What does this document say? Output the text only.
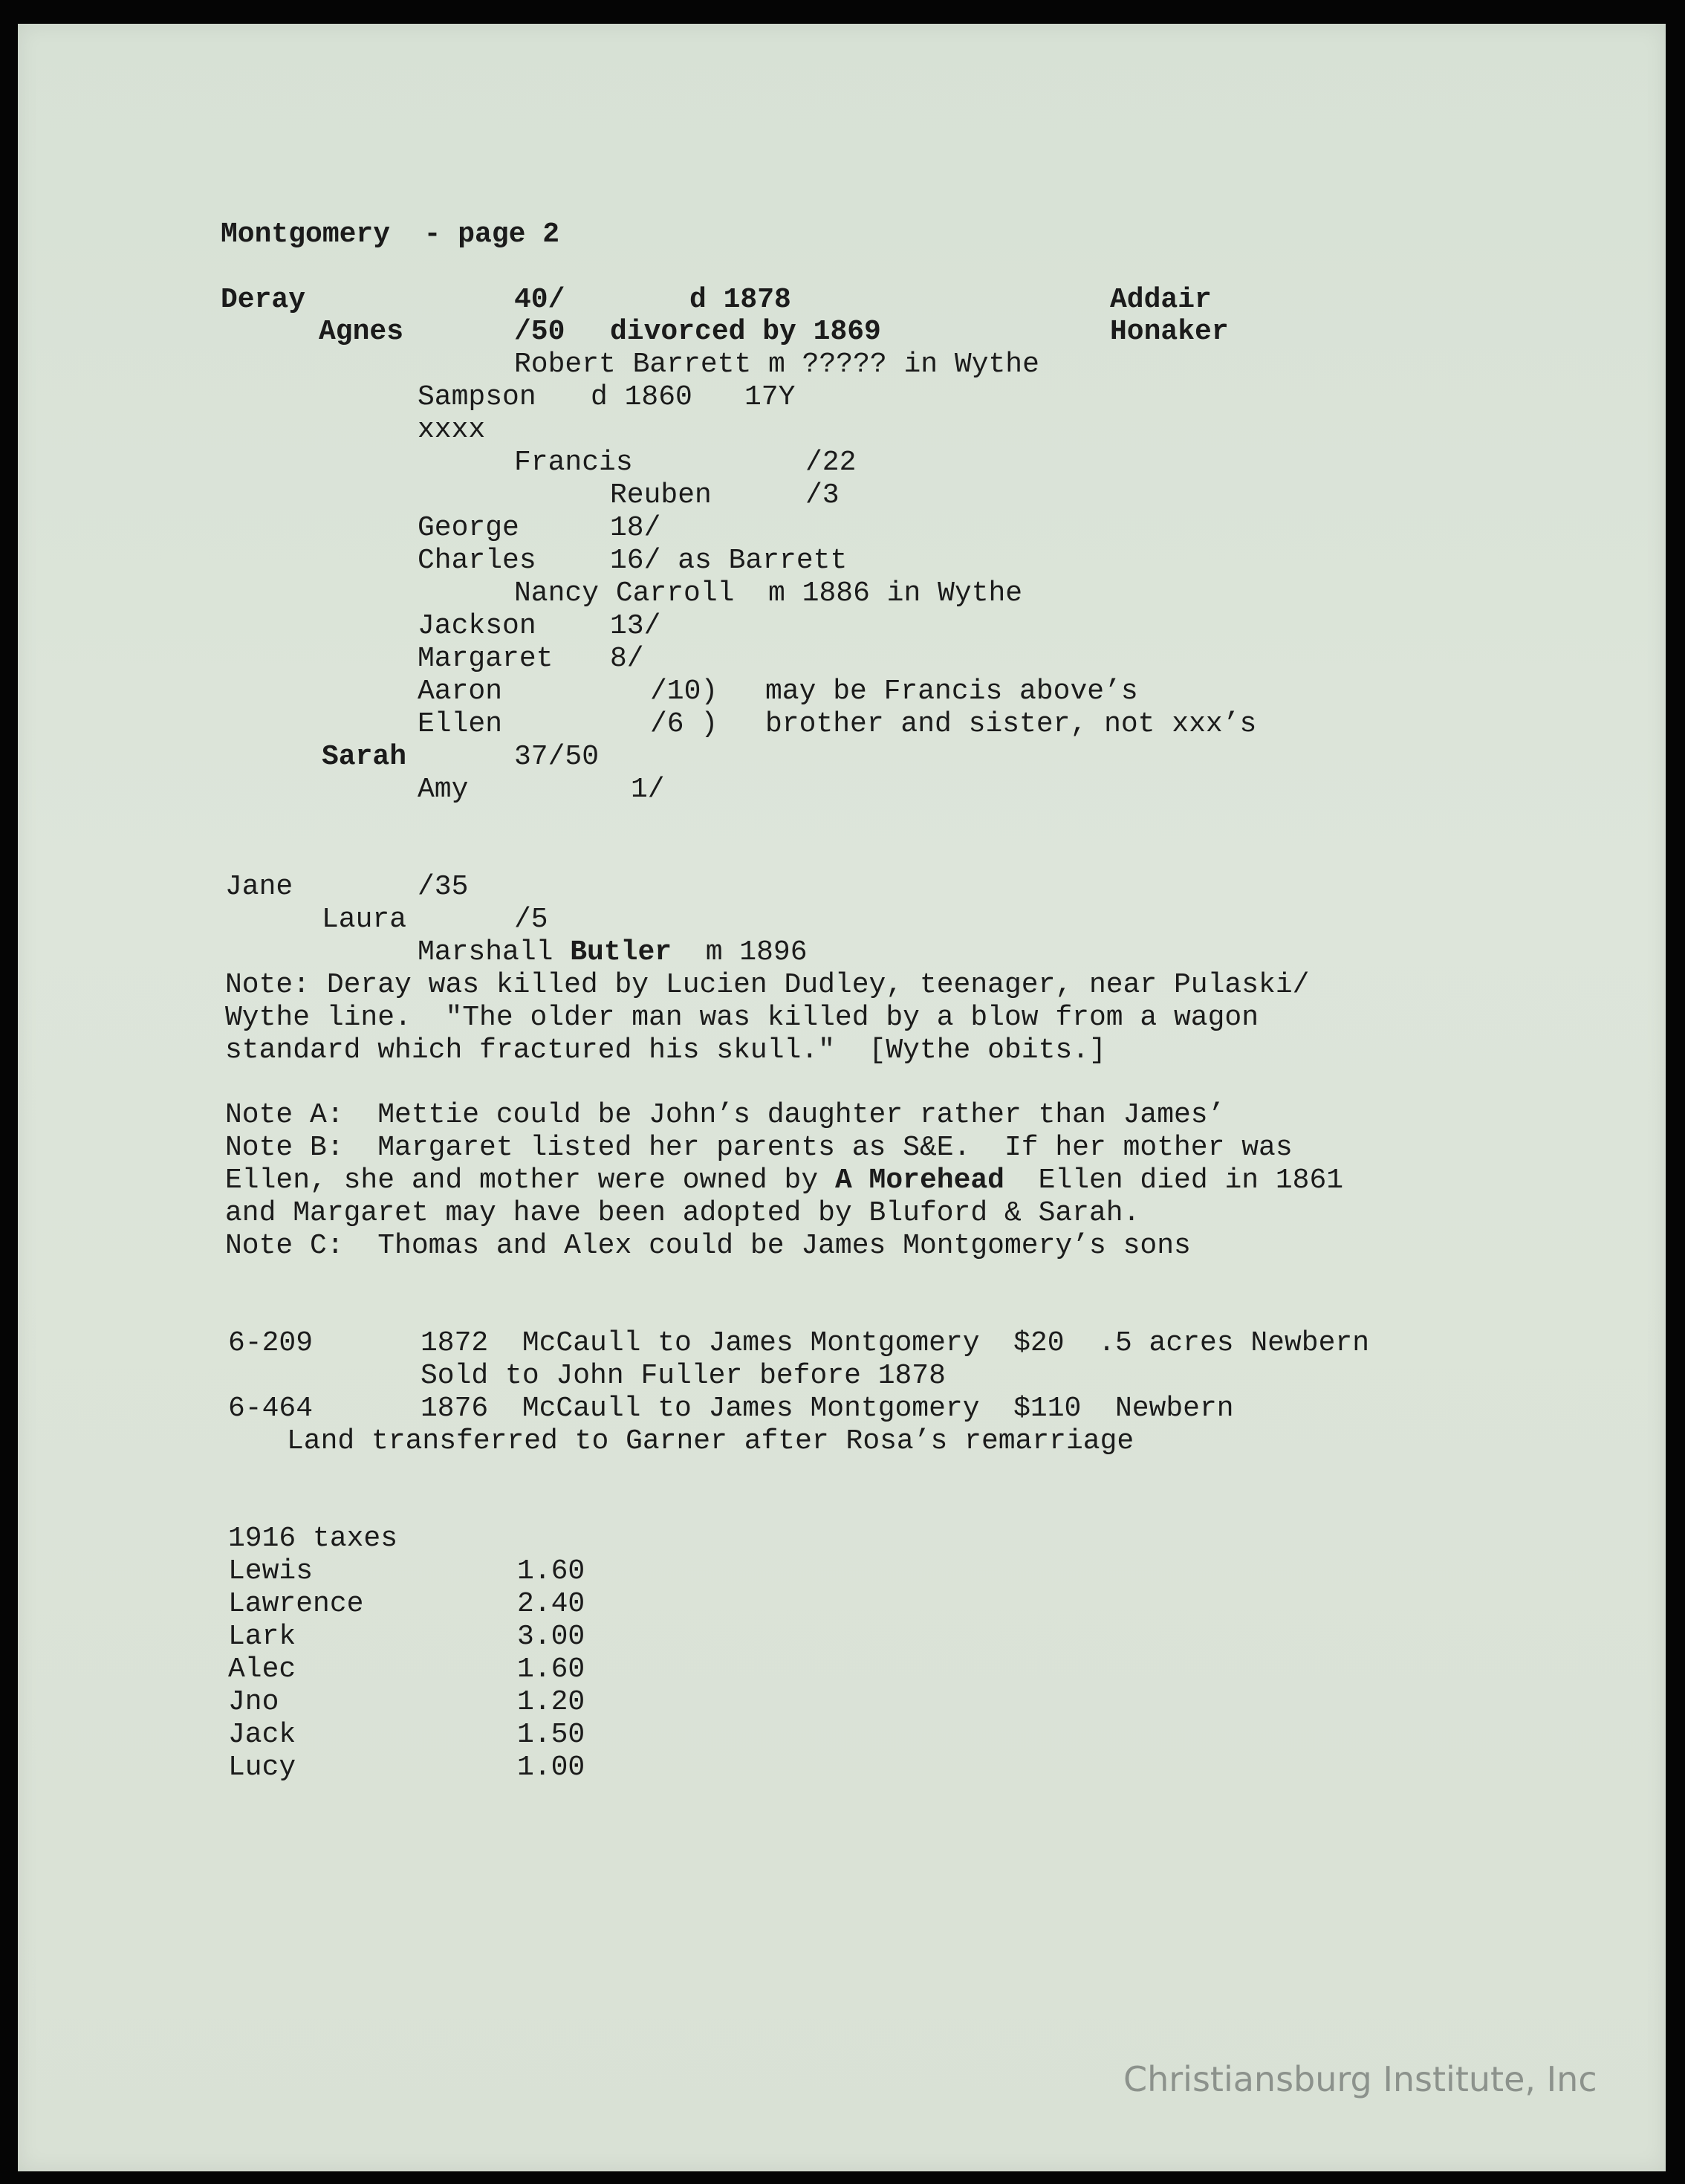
Montgomery  - page 2
Deray	40/	d 1878	Addair
Agnes	/50 divorced by 1869	Honaker
Robert Barrett m ????? in Wythe
Sampson d 1860 17Y
xxxx
Francis	/22
Reuben	/3
George	18/
Charles	16/ as Barrett
Nancy Carroll  m 1886 in Wythe
Jackson	13/
Margaret 8/
Aaron	/10) may be Francis above’s
Ellen	/6 ) brother and sister, not xxx’s
Sarah	37/50
Amy	1/
Jane	/35
Laura	/5
Marshall Butler m 1896
Note: Deray was killed by Lucien Dudley, teenager, near Pulaski/
Wythe line.  "The older man was killed by a blow from a wagon
standard which fractured his skull."  [Wythe obits.]
Note A:  Mettie could be John’s daughter rather than James’
Note B:  Margaret listed her parents as S&E.  If her mother was
Ellen, she and mother were owned by A Morehead Ellen died in 1861
and Margaret may have been adopted by Bluford & Sarah.
Note C:  Thomas and Alex could be James Montgomery’s sons
6-209	1872  McCaull to James Montgomery  $20  .5 acres Newbern
Sold to John Fuller before 1878
6-464	1876  McCaull to James Montgomery  $110  Newbern
Land transferred to Garner after Rosa’s remarriage
1916 taxes
Lewis	1.60
Lawrence	2.40
Lark	3.00
Alec	1.60
Jno	1.20
Jack	1.50
Lucy	1.00
Christiansburg Institute, Inc
